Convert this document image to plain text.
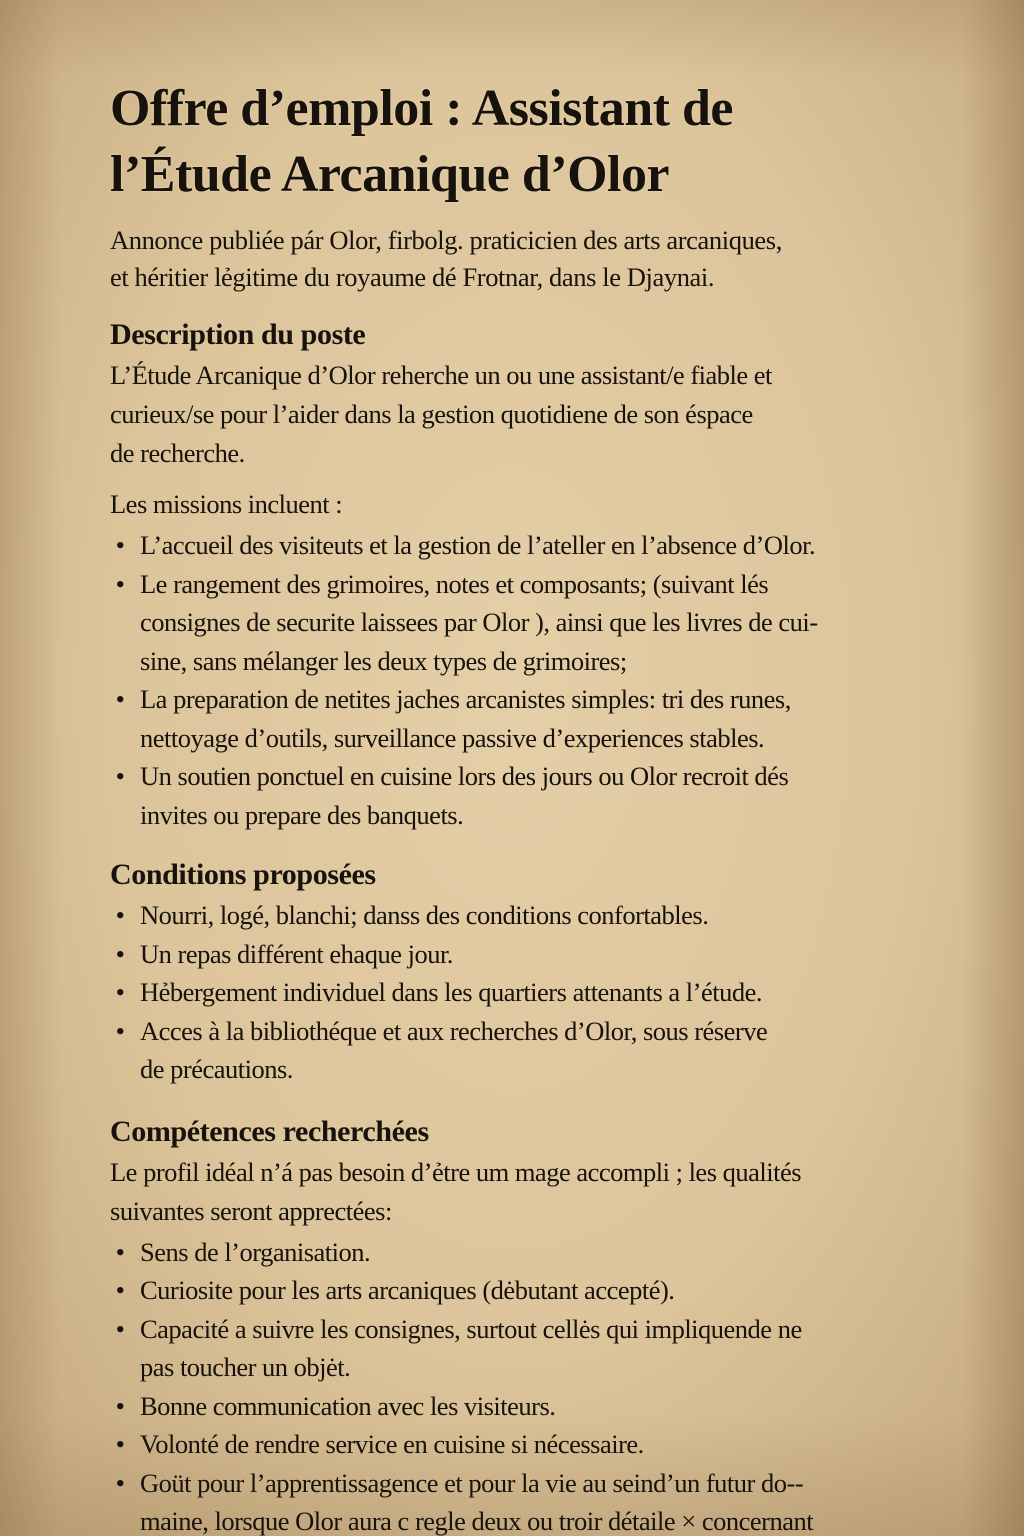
Offre d’emploi : Assistant de
l’Étude Arcanique d’Olor
Annonce publiée pár Olor, firbolg. praticicien des arts arcaniques,
et héritier lẻgitime du royaume dé Frotnar, dans le Djaynai.
Description du poste
L’Étude Arcanique d’Olor reherche un ou une assistant/e fiable et
curieux/se pour l’aider dans la gestion quotidiene de son éspace
de recherche.
Les missions incluent :
• L’accueil des visiteuts et la gestion de l’ateller en l’absence d’Olor.
• Le rangement des grimoires, notes et composants; (suivant lés
consignes de securite laissees par Olor ), ainsi que les livres de cui-
sine, sans mélanger les deux types de grimoires;
• La preparation de netites jaches arcanistes simples: tri des runes,
nettoyage d’outils, surveillance passive d’experiences stables.
• Un soutien ponctuel en cuisine lors des jours ou Olor recroit dés
invites ou prepare des banquets.
Conditions proposées
• Nourri, logé, blanchi; danss des conditions confortables.
• Un repas différent ehaque jour.
• Hẻbergement individuel dans les quartiers attenants a l’étude.
• Acces à la bibliothéque et aux recherches d’Olor, sous réserve
de précautions.
Compétences recherchées
Le profil idéal n’á pas besoin d’ẻtre um mage accompli ; les qualités
suivantes seront apprectées:
• Sens de l’organisation.
• Curiosite pour les arts arcaniques (dėbutant accepté).
• Capacité a suivre les consignes, surtout cellės qui impliquende ne
pas toucher un objėt.
• Bonne communication avec les visiteurs.
• Volonté de rendre service en cuisine si nécessaire.
• Goüt pour l’apprentissagence et pour la vie au seind’un futur do--
maine, lorsque Olor aura c regle deux ou troir détaile × concernant
